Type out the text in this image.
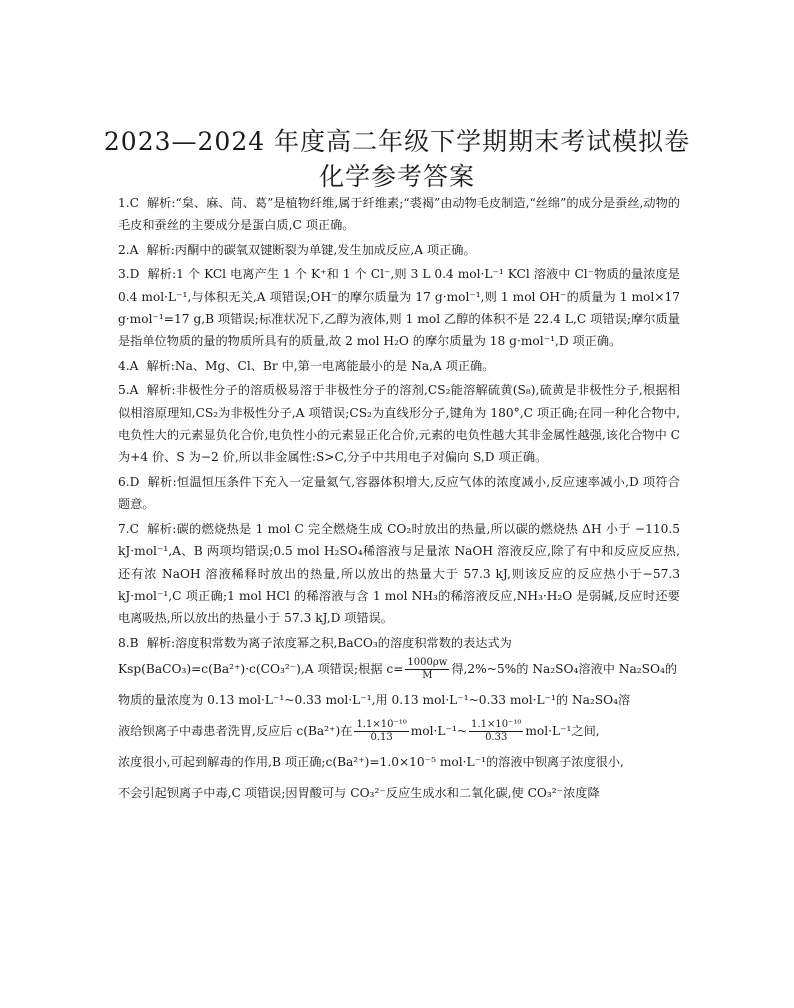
2023—2024 年度高二年级下学期期末考试模拟卷
化学参考答案

1.C 解析:“枲、麻、苘、葛”是植物纤维,属于纤维素;“裘褐”由动物毛皮制造,“丝绵”的成分是蚕丝,动物的毛皮和蚕丝的主要成分是蛋白质,C 项正确。

2.A 解析:丙酮中的碳氧双键断裂为单键,发生加成反应,A 项正确。

3.D 解析:1 个 KCl 电离产生 1 个 K⁺和 1 个 Cl⁻,则 3 L 0.4 mol·L⁻¹ KCl 溶液中 Cl⁻物质的量浓度是 0.4 mol·L⁻¹,与体积无关,A 项错误;OH⁻的摩尔质量为 17 g·mol⁻¹,则 1 mol OH⁻的质量为 1 mol×17 g·mol⁻¹=17 g,B 项错误;标准状况下,乙醇为液体,则 1 mol 乙醇的体积不是 22.4 L,C 项错误;摩尔质量是指单位物质的量的物质所具有的质量,故 2 mol H₂O 的摩尔质量为 18 g·mol⁻¹,D 项正确。

4.A 解析:Na、Mg、Cl、Br 中,第一电离能最小的是 Na,A 项正确。

5.A 解析:非极性分子的溶质极易溶于非极性分子的溶剂,CS₂能溶解硫黄(S₈),硫黄是非极性分子,根据相似相溶原理知,CS₂为非极性分子,A 项错误;CS₂为直线形分子,键角为 180°,C 项正确;在同一种化合物中,电负性大的元素显负化合价,电负性小的元素显正化合价,元素的电负性越大其非金属性越强,该化合物中 C 为+4 价、S 为−2 价,所以非金属性:S>C,分子中共用电子对偏向 S,D 项正确。

6.D 解析:恒温恒压条件下充入一定量氦气,容器体积增大,反应气体的浓度减小,反应速率减小,D 项符合题意。

7.C 解析:碳的燃烧热是 1 mol C 完全燃烧生成 CO₂时放出的热量,所以碳的燃烧热 ΔH 小于 −110.5 kJ·mol⁻¹,A、B 两项均错误;0.5 mol H₂SO₄稀溶液与足量浓 NaOH 溶液反应,除了有中和反应反应热,还有浓 NaOH 溶液稀释时放出的热量,所以放出的热量大于 57.3 kJ,则该反应的反应热小于−57.3 kJ·mol⁻¹,C 项正确;1 mol HCl 的稀溶液与含 1 mol NH₃的稀溶液反应,NH₃·H₂O 是弱碱,反应时还要电离吸热,所以放出的热量小于 57.3 kJ,D 项错误。

8.B 解析:溶度积常数为离子浓度幂之积,BaCO₃的溶度积常数的表达式为
Ksp(BaCO₃)=c(Ba²⁺)·c(CO₃²⁻),A 项错误;根据 $c= \frac{1000\rho w}{M}$ 得,2%~5%的 Na₂SO₄溶液中 Na₂SO₄的
物质的量浓度为 0.13 mol·L⁻¹~0.33 mol·L⁻¹,用 0.13 mol·L⁻¹~0.33 mol·L⁻¹的 Na₂SO₄溶
液给钡离子中毒患者洗胃,反应后 c(Ba²⁺)在 $\frac{\text{1.1×10⁻¹⁰}}{0.13}$ mol·L⁻¹~ $\frac{\text{1.1×10⁻¹⁰}}{0.33} mol\cdot L^{-1}$之间,
浓度很小,可起到解毒的作用,B 项正确;c(Ba²⁺)=1.0×10⁻⁵ mol·L⁻¹的溶液中钡离子浓度很小,
不会引起钡离子中毒,C 项错误;因胃酸可与 CO₃²⁻反应生成水和二氧化碳,使 CO₃²⁻浓度降
